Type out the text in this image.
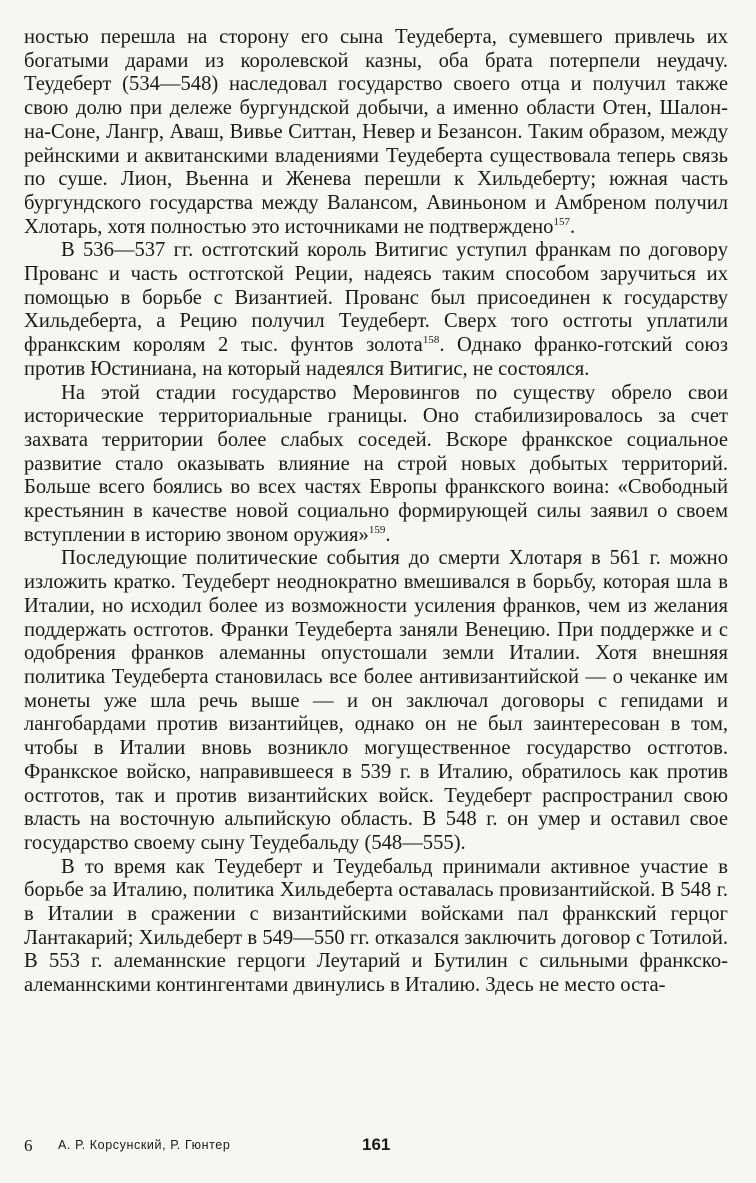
ностью перешла на сторону его сына Теудеберта, сумевшего привлечь их богатыми дарами из королевской казны, оба брата потерпели неудачу. Теудеберт (534—548) наследовал государство своего отца и получил также свою долю при дележе бургундской добычи, а именно области Отен, Шалон-на-Соне, Лангр, Аваш, Вивье Ситтан, Невер и Безансон. Таким образом, между рейнскими и аквитанскими владениями Теудеберта существовала теперь связь по суше. Лион, Вьенна и Женева перешли к Хильдеберту; южная часть бургундского государства между Валансом, Авиньоном и Амбреном получил Хлотарь, хотя полностью это источниками не подтверждено$^{157}$.

В 536—537 гг. остготский король Витигис уступил франкам по договору Прованс и часть остготской Реции, надеясь таким способом заручиться их помощью в борьбе с Византией. Прованс был присоединен к государству Хильдеберта, а Рецию получил Теудеберт. Сверх того остготы уплатили франкским королям 2 тыс. фунтов золота$^{158}$. Однако франко-готский союз против Юстиниана, на который надеялся Витигис, не состоялся.

На этой стадии государство Меровингов по существу обрело свои исторические территориальные границы. Оно стабилизировалось за счет захвата территории более слабых соседей. Вскоре франкское социальное развитие стало оказывать влияние на строй новых добытых территорий. Больше всего боялись во всех частях Европы франкского воина: «Свободный крестьянин в качестве новой социально формирующей силы заявил о своем вступлении в историю звоном оружия»$^{159}$.

Последующие политические события до смерти Хлотаря в 561 г. можно изложить кратко. Теудеберт неоднократно вмешивался в борьбу, которая шла в Италии, но исходил более из возможности усиления франков, чем из желания поддержать остготов. Франки Теудеберта заняли Венецию. При поддержке и с одобрения франков алеманны опустошали земли Италии. Хотя внешняя политика Теудеберта становилась все более антивизантийской — о чеканке им монеты уже шла речь выше — и он заключал договоры с гепидами и лангобардами против византийцев, однако он не был заинтересован в том, чтобы в Италии вновь возникло могущественное государство остготов. Франкское войско, направившееся в 539 г. в Италию, обратилось как против остготов, так и против византийских войск. Теудеберт распространил свою власть на восточную альпийскую область. В 548 г. он умер и оставил свое государство своему сыну Теудебальду (548—555).

В то время как Теудеберт и Теудебальд принимали активное участие в борьбе за Италию, политика Хильдеберта оставалась провизантийской. В 548 г. в Италии в сражении с византийскими войсками пал франкский герцог Лантакарий; Хильдеберт в 549—550 гг. отказался заключить договор с Тотилой. В 553 г. алеманнские герцоги Леутарий и Бутилин с сильными франкско-алеманнскими контингентами двинулись в Италию. Здесь не место оста-

6 А. Р. Корсунский, Р. Гюнтер	161
